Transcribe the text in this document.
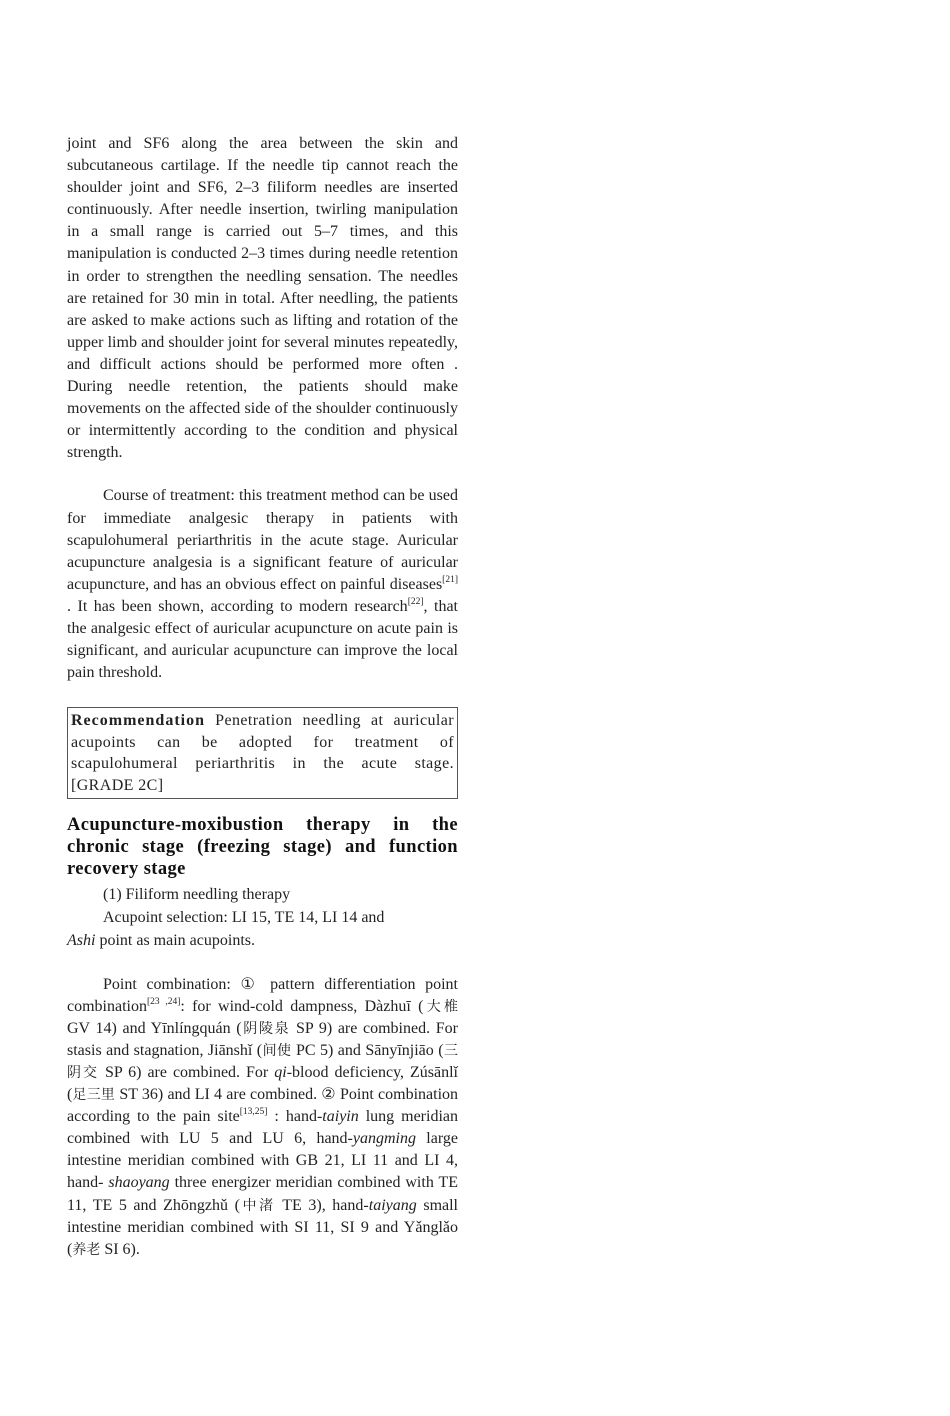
joint and SF6 along the area between the skin and subcutaneous cartilage. If the needle tip cannot reach the shoulder joint and SF6, 2–3 filiform needles are inserted continuously. After needle insertion, twirling manipulation in a small range is carried out 5–7 times, and this manipulation is conducted 2–3 times during needle retention in order to strengthen the needling sensation. The needles are retained for 30 min in total. After needling, the patients are asked to make actions such as lifting and rotation of the upper limb and shoulder joint for several minutes repeatedly, and difficult actions should be performed more often . During needle retention, the patients should make movements on the affected side of the shoulder continuously or intermittently according to the condition and physical strength.

Course of treatment: this treatment method can be used for immediate analgesic therapy in patients with scapulohumeral periarthritis in the acute stage. Auricular acupuncture analgesia is a significant feature of auricular acupuncture, and has an obvious effect on painful diseases[21] . It has been shown, according to modern research[22], that the analgesic effect of auricular acupuncture on acute pain is significant, and auricular acupuncture can improve the local pain threshold.

Recommendation Penetration needling at auricular acupoints can be adopted for treatment of scapulohumeral periarthritis in the acute stage. [GRADE 2C]
Acupuncture-moxibustion therapy in the chronic stage (freezing stage) and function recovery stage

(1) Filiform needling therapy

Acupoint selection: LI 15, TE 14, LI 14 and
Ashi point as main acupoints.

Point combination: ① pattern differentiation point combination[23 ,24]: for wind-cold dampness, Dàzhuī (大椎 GV 14) and Yīnlíngquán (阴陵泉 SP 9) are combined. For stasis and stagnation, Jiānshǐ (间使 PC 5) and Sānyīnjiāo (三阴交 SP 6) are combined. For qi-blood deficiency, Zúsānlǐ (足三里 ST 36) and LI 4 are combined. ② Point combination according to the pain site[13,25] : hand-taiyin lung meridian combined with LU 5 and LU 6, hand-yangming large intestine meridian combined with GB 21, LI 11 and LI 4, hand- shaoyang three energizer meridian combined with TE 11, TE 5 and Zhōngzhǔ (中渚 TE 3), hand-taiyang small intestine meridian combined with SI 11, SI 9 and Yǎnglǎo (养老 SI 6).
